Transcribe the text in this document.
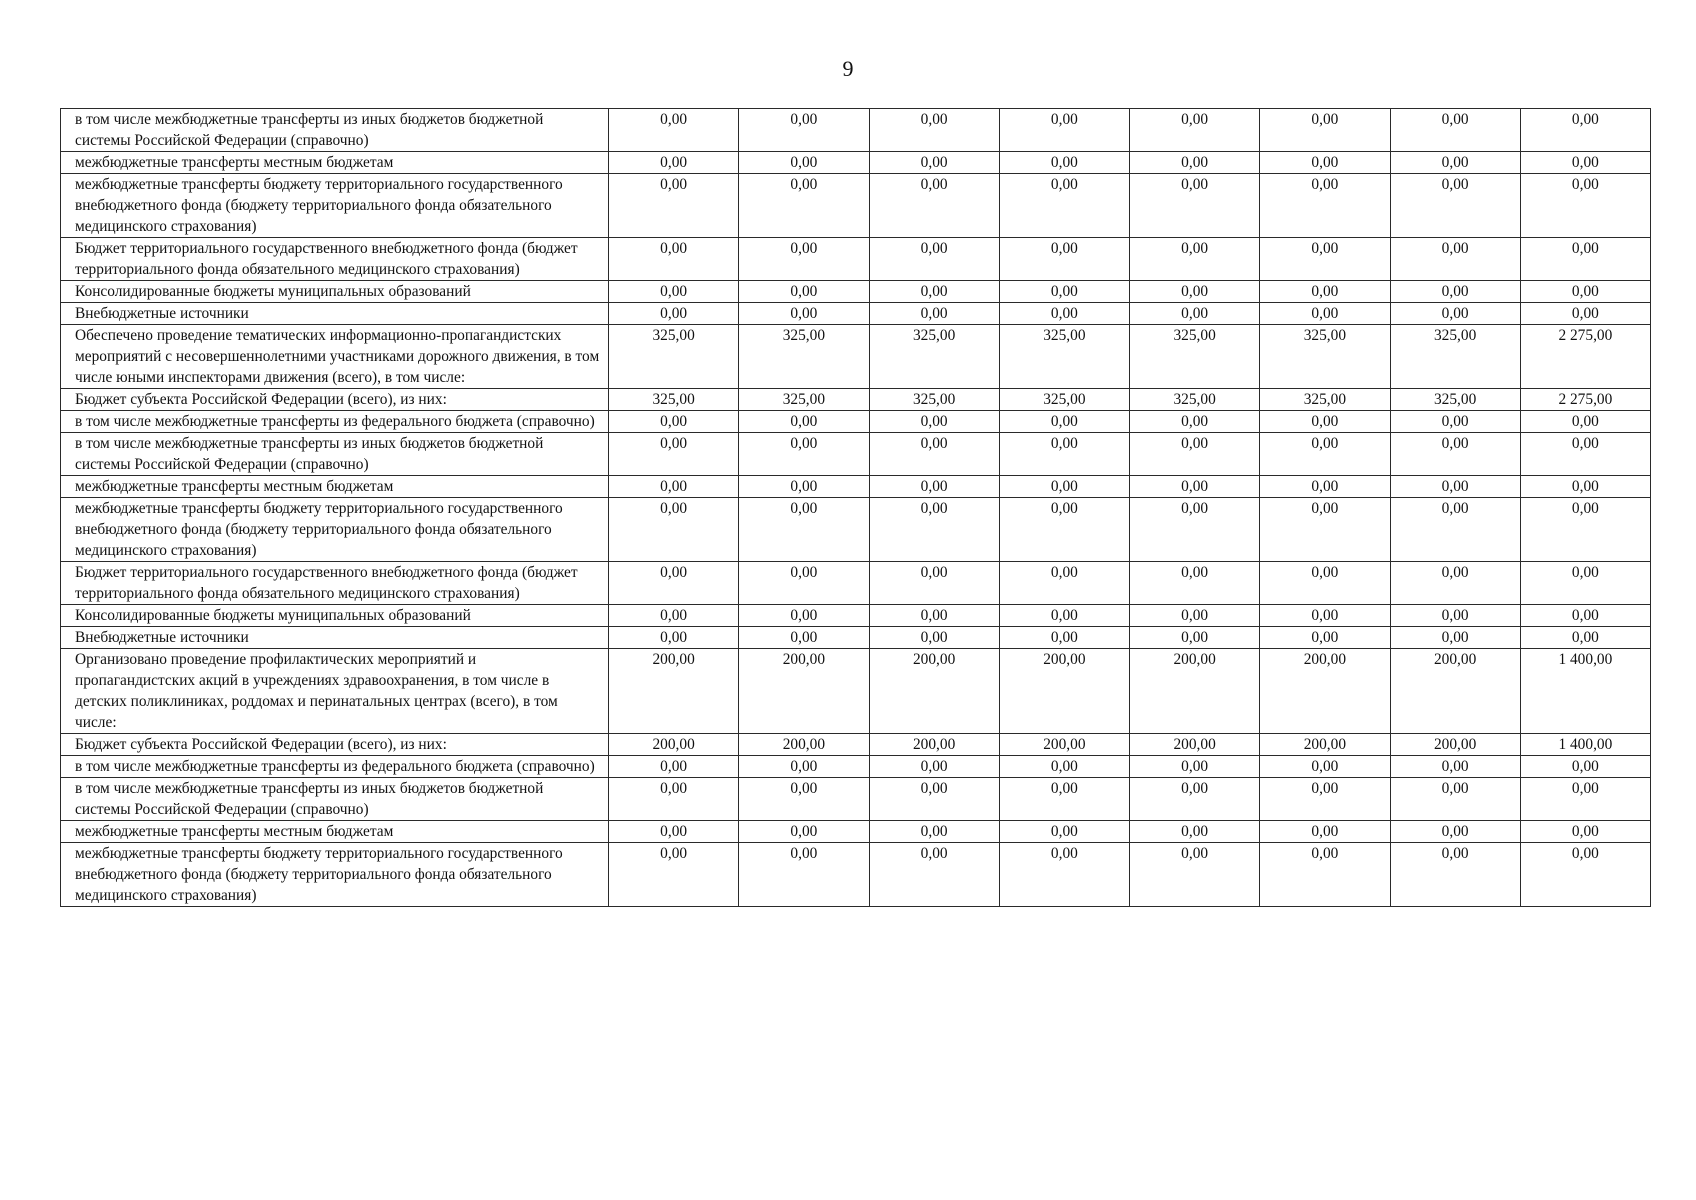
9
в том числе межбюджетные трансферты из иных бюджетов бюджетной системы Российской Федерации (справочно)	0,00	0,00	0,00	0,00	0,00	0,00	0,00	0,00
межбюджетные трансферты местным бюджетам	0,00	0,00	0,00	0,00	0,00	0,00	0,00	0,00
межбюджетные трансферты бюджету территориального государственного внебюджетного фонда (бюджету территориального фонда обязательного медицинского страхования)	0,00	0,00	0,00	0,00	0,00	0,00	0,00	0,00
Бюджет территориального государственного внебюджетного фонда (бюджет территориального фонда обязательного медицинского страхования)	0,00	0,00	0,00	0,00	0,00	0,00	0,00	0,00
Консолидированные бюджеты муниципальных образований	0,00	0,00	0,00	0,00	0,00	0,00	0,00	0,00
Внебюджетные источники	0,00	0,00	0,00	0,00	0,00	0,00	0,00	0,00
Обеспечено проведение тематических информационно-пропагандистских мероприятий с несовершеннолетними участниками дорожного движения, в том числе юными инспекторами движения (всего), в том числе:	325,00	325,00	325,00	325,00	325,00	325,00	325,00	2 275,00
Бюджет субъекта Российской Федерации (всего), из них:	325,00	325,00	325,00	325,00	325,00	325,00	325,00	2 275,00
в том числе межбюджетные трансферты из федерального бюджета (справочно)	0,00	0,00	0,00	0,00	0,00	0,00	0,00	0,00
в том числе межбюджетные трансферты из иных бюджетов бюджетной системы Российской Федерации (справочно)	0,00	0,00	0,00	0,00	0,00	0,00	0,00	0,00
межбюджетные трансферты местным бюджетам	0,00	0,00	0,00	0,00	0,00	0,00	0,00	0,00
межбюджетные трансферты бюджету территориального государственного внебюджетного фонда (бюджету территориального фонда обязательного медицинского страхования)	0,00	0,00	0,00	0,00	0,00	0,00	0,00	0,00
Бюджет территориального государственного внебюджетного фонда (бюджет территориального фонда обязательного медицинского страхования)	0,00	0,00	0,00	0,00	0,00	0,00	0,00	0,00
Консолидированные бюджеты муниципальных образований	0,00	0,00	0,00	0,00	0,00	0,00	0,00	0,00
Внебюджетные источники	0,00	0,00	0,00	0,00	0,00	0,00	0,00	0,00
Организовано проведение профилактических мероприятий и пропагандистских акций в учреждениях здравоохранения, в том числе в детских поликлиниках, роддомах и перинатальных центрах (всего), в том числе:	200,00	200,00	200,00	200,00	200,00	200,00	200,00	1 400,00
Бюджет субъекта Российской Федерации (всего), из них:	200,00	200,00	200,00	200,00	200,00	200,00	200,00	1 400,00
в том числе межбюджетные трансферты из федерального бюджета (справочно)	0,00	0,00	0,00	0,00	0,00	0,00	0,00	0,00
в том числе межбюджетные трансферты из иных бюджетов бюджетной системы Российской Федерации (справочно)	0,00	0,00	0,00	0,00	0,00	0,00	0,00	0,00
межбюджетные трансферты местным бюджетам	0,00	0,00	0,00	0,00	0,00	0,00	0,00	0,00
межбюджетные трансферты бюджету территориального государственного внебюджетного фонда (бюджету территориального фонда обязательного медицинского страхования)	0,00	0,00	0,00	0,00	0,00	0,00	0,00	0,00
